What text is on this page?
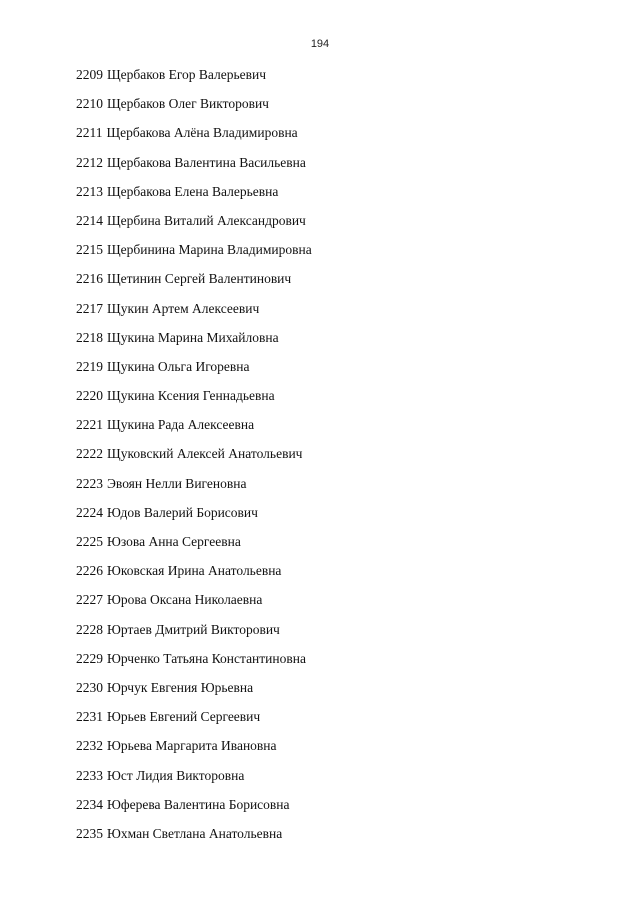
194
2209 Щербаков Егор Валерьевич
2210 Щербаков Олег Викторович
2211 Щербакова Алёна Владимировна
2212 Щербакова Валентина Васильевна
2213 Щербакова Елена Валерьевна
2214 Щербина Виталий Александрович
2215 Щербинина Марина Владимировна
2216 Щетинин Сергей Валентинович
2217 Щукин Артем Алексеевич
2218 Щукина Марина Михайловна
2219 Щукина Ольга Игоревна
2220 Щукина Ксения Геннадьевна
2221 Щукина Рада Алексеевна
2222 Щуковский Алексей Анатольевич
2223 Эвоян Нелли Вигеновна
2224 Юдов Валерий Борисович
2225 Юзова Анна Сергеевна
2226 Юковская Ирина Анатольевна
2227 Юрова Оксана Николаевна
2228 Юртаев Дмитрий Викторович
2229 Юрченко Татьяна Константиновна
2230 Юрчук Евгения Юрьевна
2231 Юрьев Евгений Сергеевич
2232 Юрьева Маргарита Ивановна
2233 Юст Лидия Викторовна
2234 Юферева Валентина Борисовна
2235 Юхман Светлана Анатольевна
